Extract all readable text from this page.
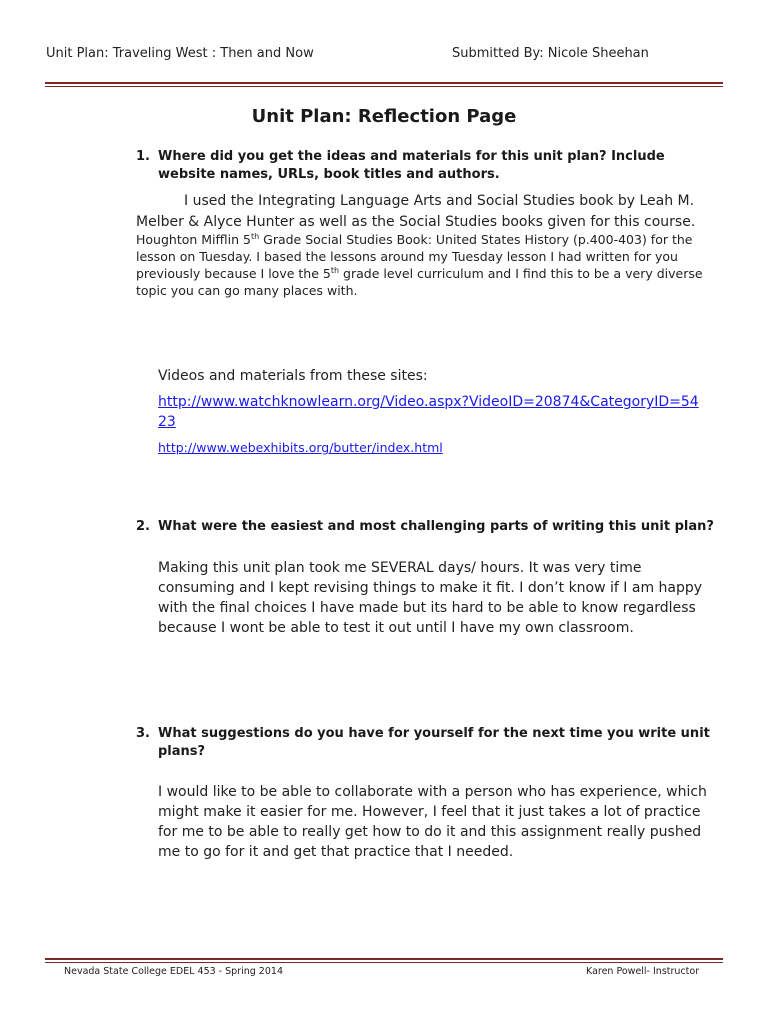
Unit Plan: Traveling West : Then and Now	Submitted By: Nicole Sheehan
Unit Plan: Reflection Page
1. Where did you get the ideas and materials for this unit plan? Include website names, URLs, book titles and authors.
I used the Integrating Language Arts and Social Studies book by Leah M. Melber & Alyce Hunter as well as the Social Studies books given for this course.
Houghton Mifflin 5th Grade Social Studies Book: United States History (p.400-403) for the lesson on Tuesday. I based the lessons around my Tuesday lesson I had written for you previously because I love the 5th grade level curriculum and I find this to be a very diverse topic you can go many places with.
Videos and materials from these sites:
http://www.watchknowlearn.org/Video.aspx?VideoID=20874&CategoryID=5423
http://www.webexhibits.org/butter/index.html
2. What were the easiest and most challenging parts of writing this unit plan?
Making this unit plan took me SEVERAL days/ hours. It was very time consuming and I kept revising things to make it fit. I don’t know if I am happy with the final choices I have made but its hard to be able to know regardless because I wont be able to test it out until I have my own classroom.
3. What suggestions do you have for yourself for the next time you write unit plans?
I would like to be able to collaborate with a person who has experience, which might make it easier for me. However, I feel that it just takes a lot of practice for me to be able to really get how to do it and this assignment really pushed me to go for it and get that practice that I needed.
Nevada State College EDEL 453 - Spring 2014	Karen Powell- Instructor
